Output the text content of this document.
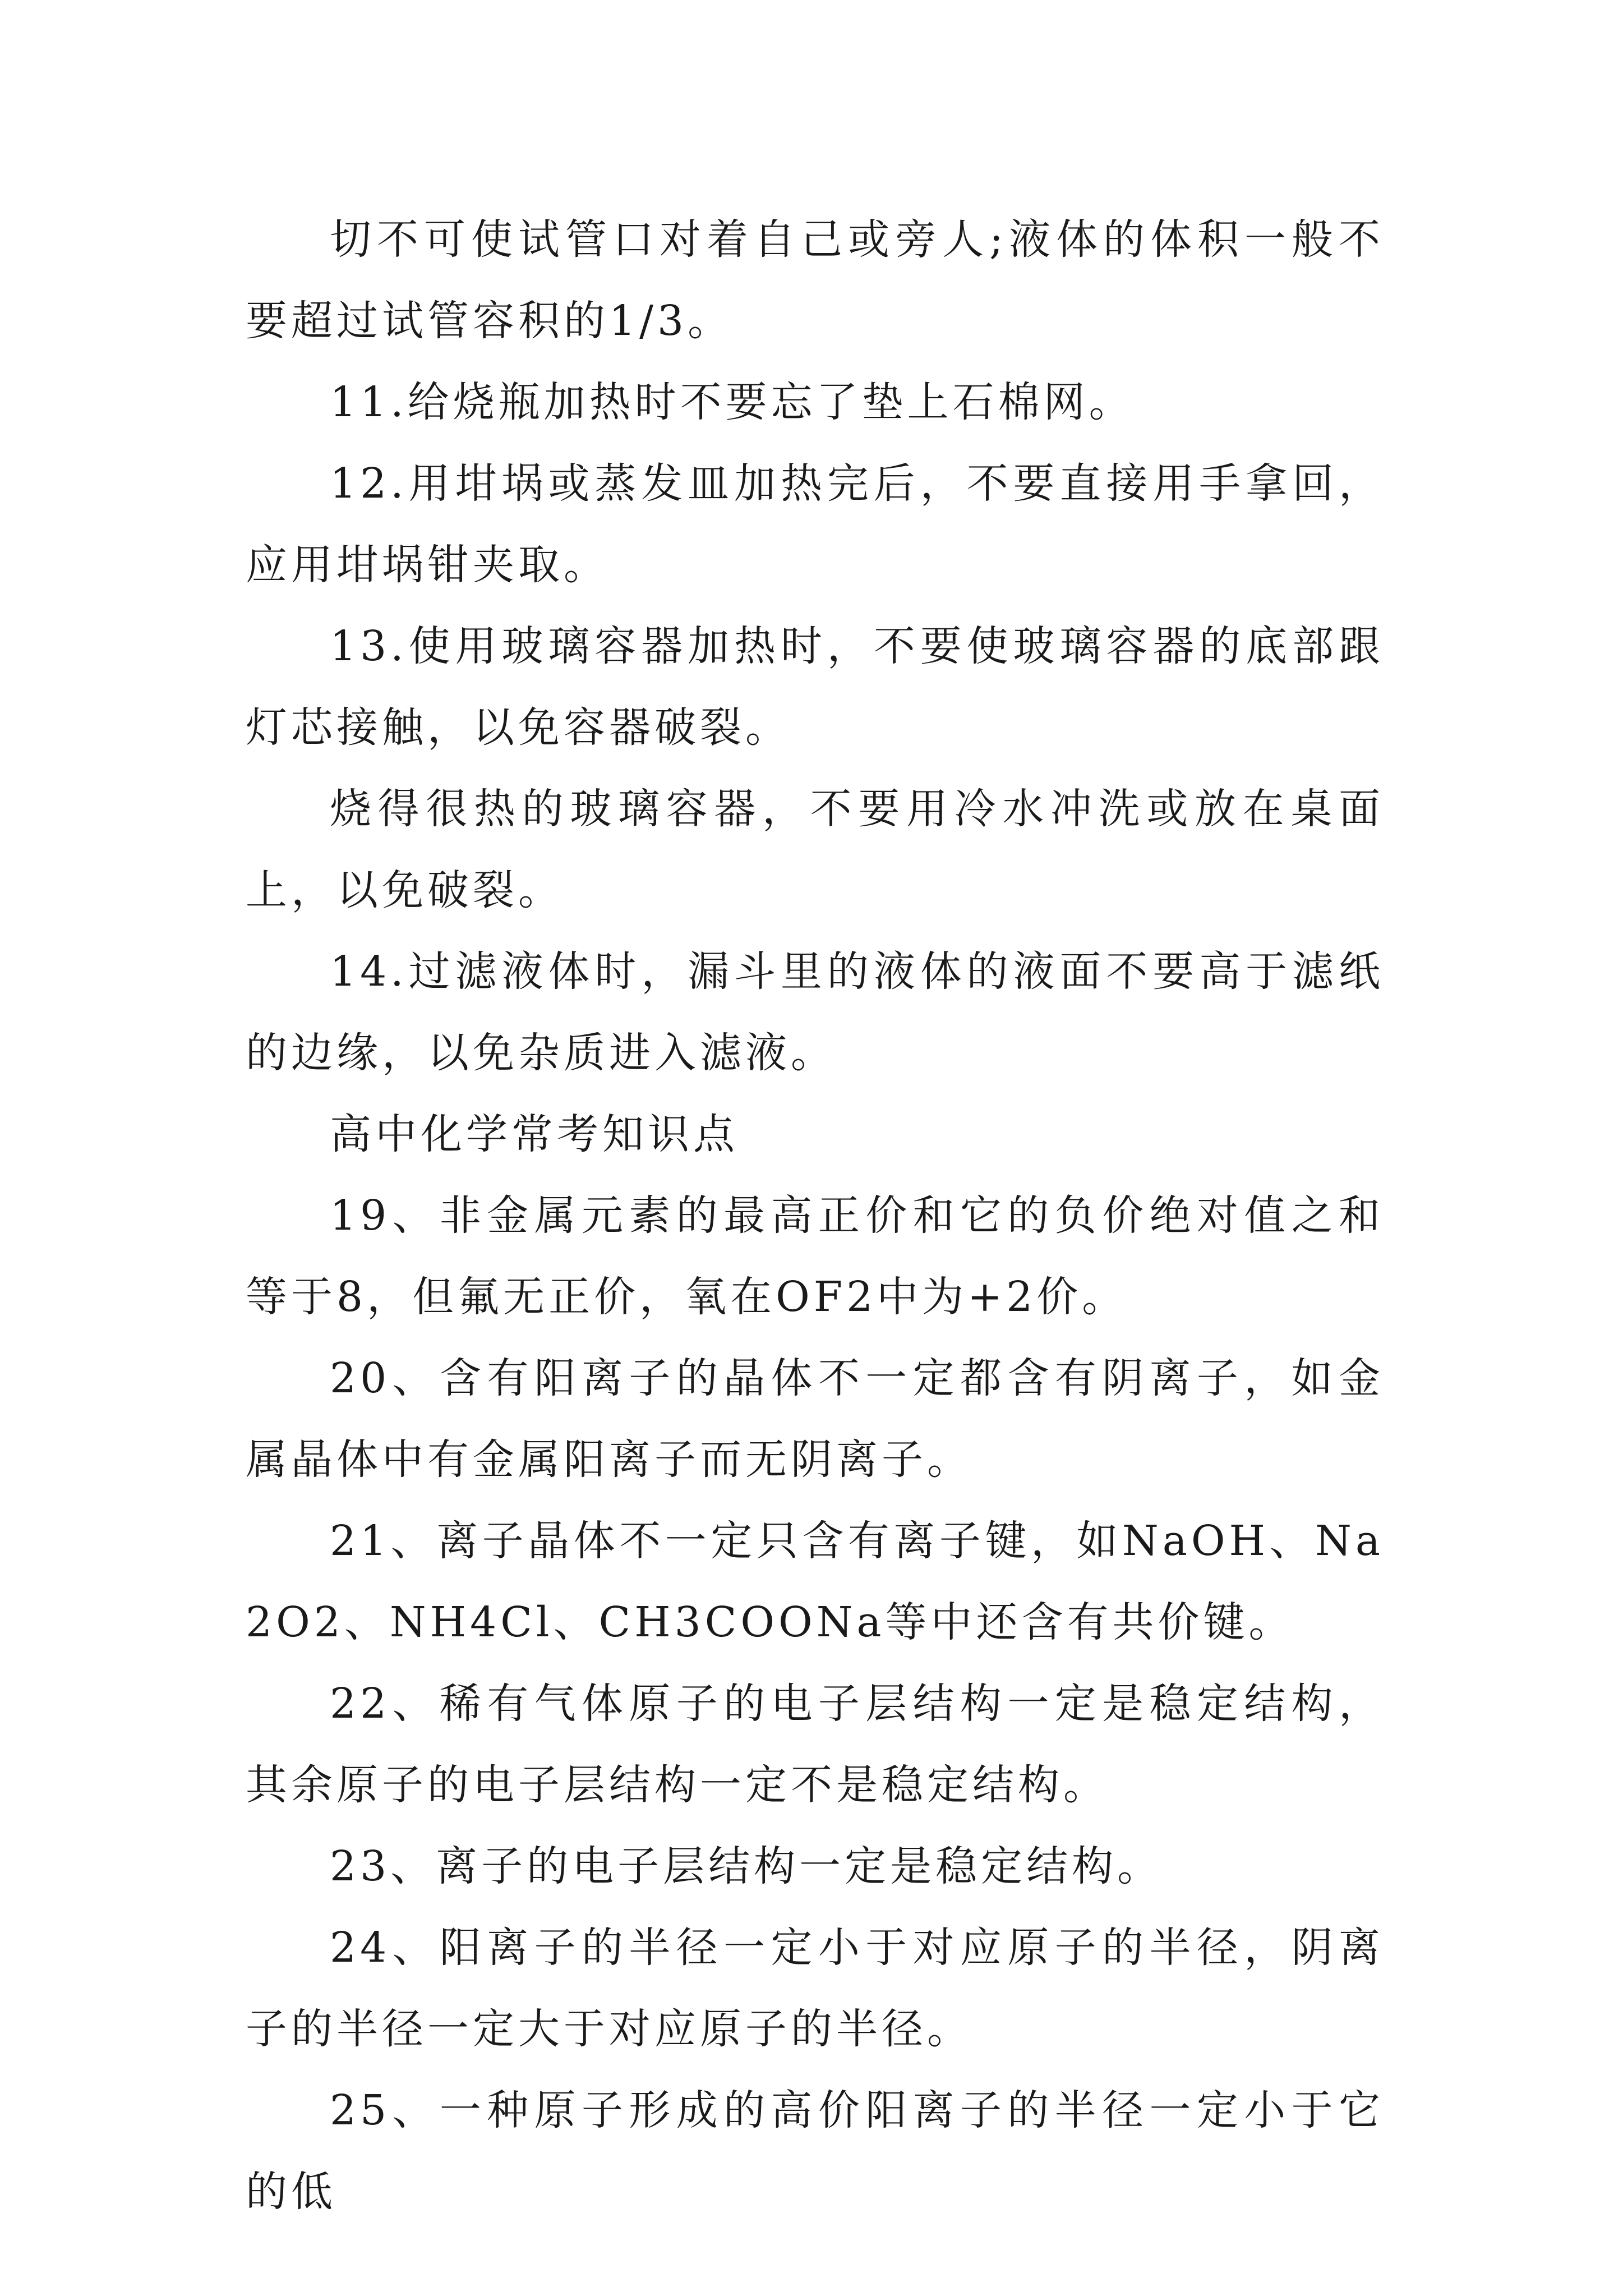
切不可使试管口对着自己或旁人;液体的体积一般不要超过试管容积的1/3。

11.给烧瓶加热时不要忘了垫上石棉网。

12.用坩埚或蒸发皿加热完后，不要直接用手拿回，应用坩埚钳夹取。

13.使用玻璃容器加热时，不要使玻璃容器的底部跟灯芯接触，以免容器破裂。

烧得很热的玻璃容器，不要用冷水冲洗或放在桌面上，以免破裂。

14.过滤液体时，漏斗里的液体的液面不要高于滤纸的边缘，以免杂质进入滤液。

高中化学常考知识点

19、非金属元素的最高正价和它的负价绝对值之和等于8，但氟无正价，氧在OF2中为+2价。

20、含有阳离子的晶体不一定都含有阴离子，如金属晶体中有金属阳离子而无阴离子。

21、离子晶体不一定只含有离子键，如NaOH、Na2O2、NH4Cl、CH3COONa等中还含有共价键。

22、稀有气体原子的电子层结构一定是稳定结构，其余原子的电子层结构一定不是稳定结构。

23、离子的电子层结构一定是稳定结构。

24、阳离子的半径一定小于对应原子的半径，阴离子的半径一定大于对应原子的半径。

25、一种原子形成的高价阳离子的半径一定小于它的低
